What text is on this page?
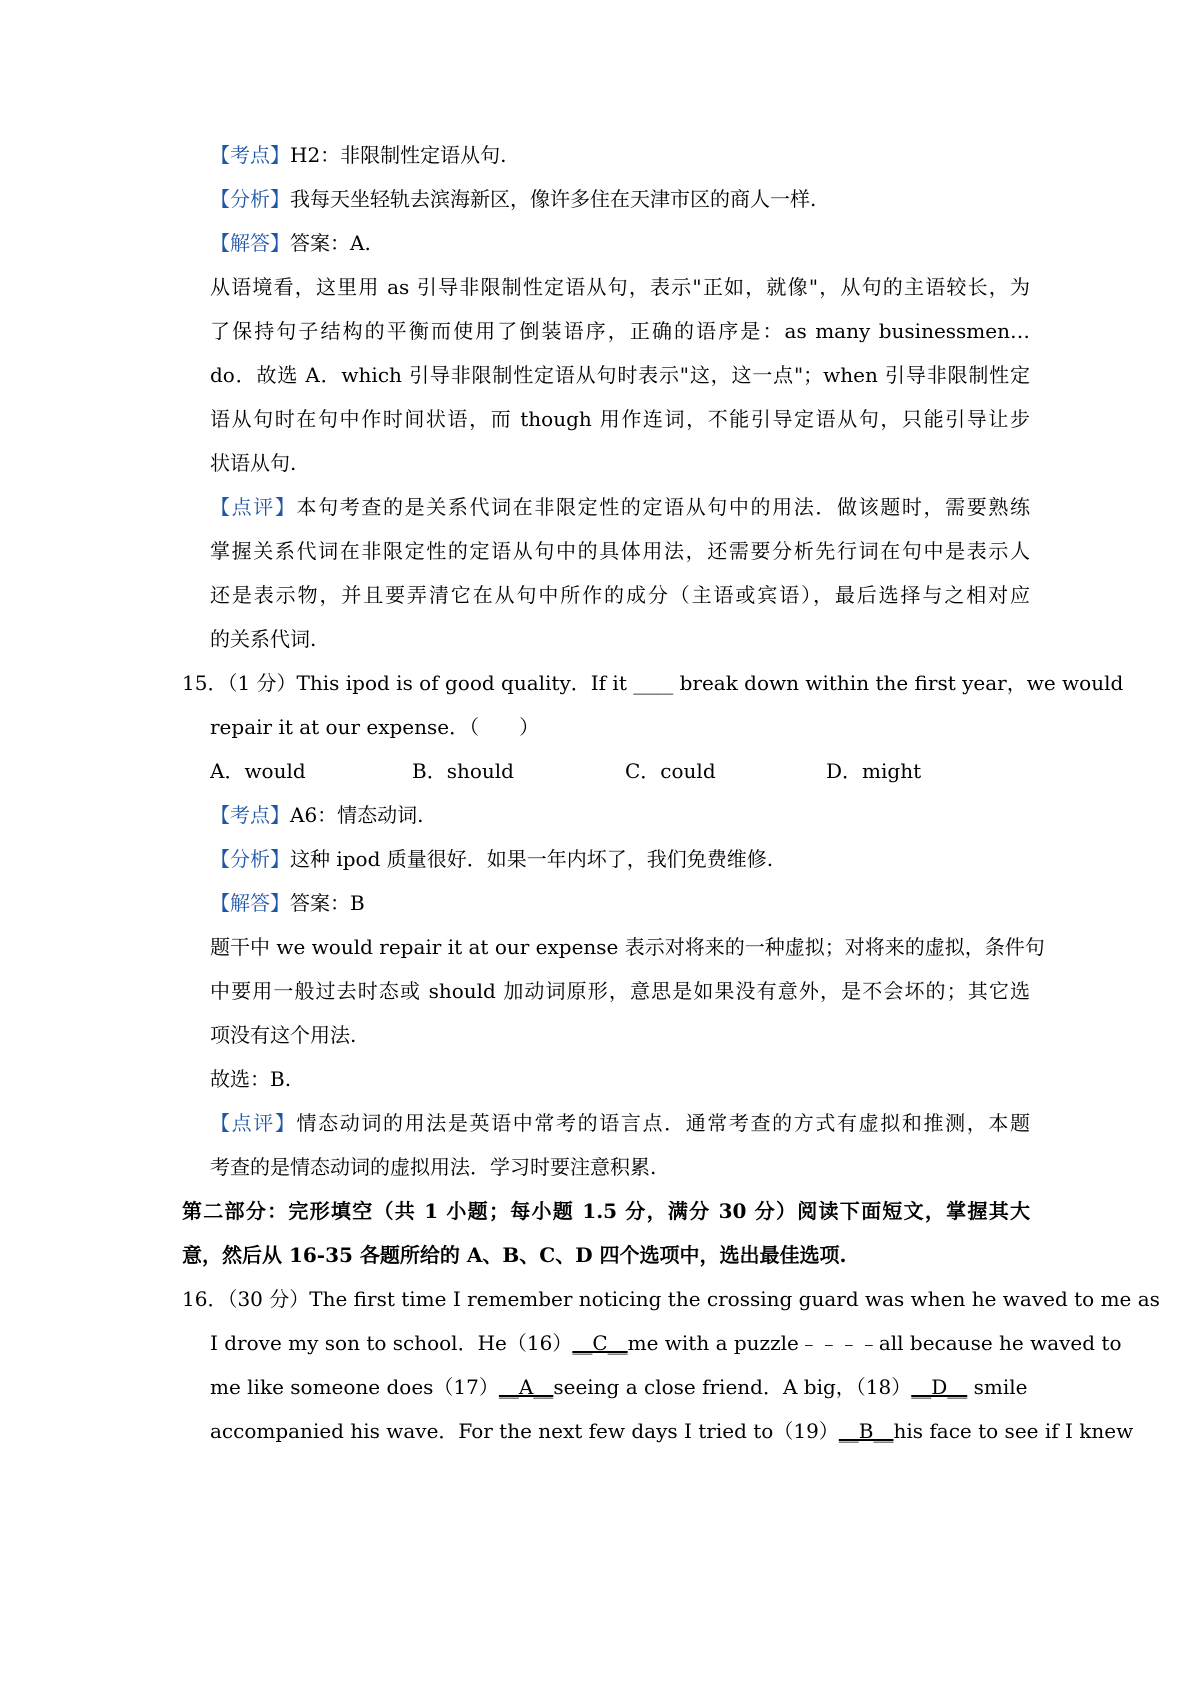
【考点】H2：非限制性定语从句.
【分析】我每天坐轻轨去滨海新区，像许多住在天津市区的商人一样.
【解答】答案：A.
从语境看，这里用 as 引导非限制性定语从句，表示"正如，就像"，从句的主语较长，为
了保持句子结构的平衡而使用了倒装语序，正确的语序是：as many businessmen…
do．故选 A．which 引导非限制性定语从句时表示"这，这一点"；when 引导非限制性定
语从句时在句中作时间状语，而 though 用作连词，不能引导定语从句，只能引导让步
状语从句.
【点评】本句考查的是关系代词在非限定性的定语从句中的用法．做该题时，需要熟练
掌握关系代词在非限定性的定语从句中的具体用法，还需要分析先行词在句中是表示人
还是表示物，并且要弄清它在从句中所作的成分（主语或宾语），最后选择与之相对应
的关系代词.
15．（1 分）This ipod is of good quality．If it ____ break down within the first year，we would
repair it at our expense．（　　）
A．would	B．should	C．could	D．might
【考点】A6：情态动词.
【分析】这种 ipod 质量很好．如果一年内坏了，我们免费维修.
【解答】答案：B
题干中 we would repair it at our expense 表示对将来的一种虚拟；对将来的虚拟，条件句
中要用一般过去时态或 should 加动词原形，意思是如果没有意外，是不会坏的；其它选
项没有这个用法.
故选：B.
【点评】情态动词的用法是英语中常考的语言点．通常考查的方式有虚拟和推测，本题
考查的是情态动词的虚拟用法．学习时要注意积累.
第二部分：完形填空（共 1 小题；每小题 1.5 分，满分 30 分）阅读下面短文，掌握其大
意，然后从 16-35 各题所给的 A、B、C、D 四个选项中，选出最佳选项.
16．（30 分）The first time I remember noticing the crossing guard was when he waved to me as
I drove my son to school．He（16）__C__me with a puzzle﹣﹣﹣﹣all because he waved to
me like someone does（17）__A__seeing a close friend．A big，（18）__D__ smile
accompanied his wave．For the next few days I tried to（19）__B__his face to see if I knew
